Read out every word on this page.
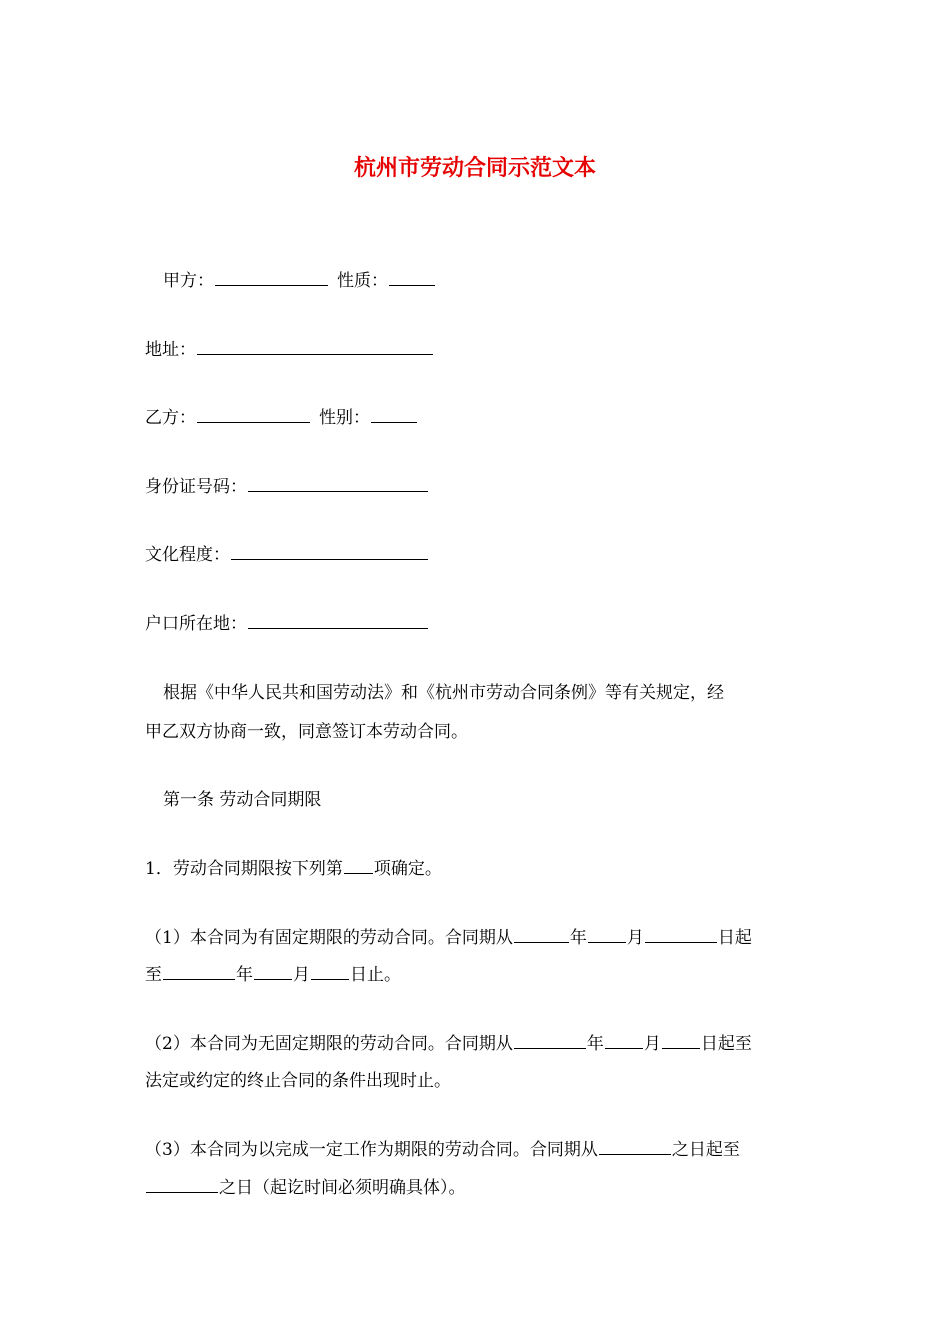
杭州市劳动合同示范文本
甲方：	性质：
地址：
乙方：	性别：
身份证号码：
文化程度：
户口所在地：
根据《中华人民共和国劳动法》和《杭州市劳动合同条例》等有关规定，经
甲乙双方协商一致，同意签订本劳动合同。
第一条 劳动合同期限
1．劳动合同期限按下列第 项确定。
（1）本合同为有固定期限的劳动合同。合同期从	年 月	日起
至	年 月 日止。
（2）本合同为无固定期限的劳动合同。合同期从	年 月 日起至
法定或约定的终止合同的条件出现时止。
（3）本合同为以完成一定工作为期限的劳动合同。合同期从	之日起至
之日（起讫时间必须明确具体）。
